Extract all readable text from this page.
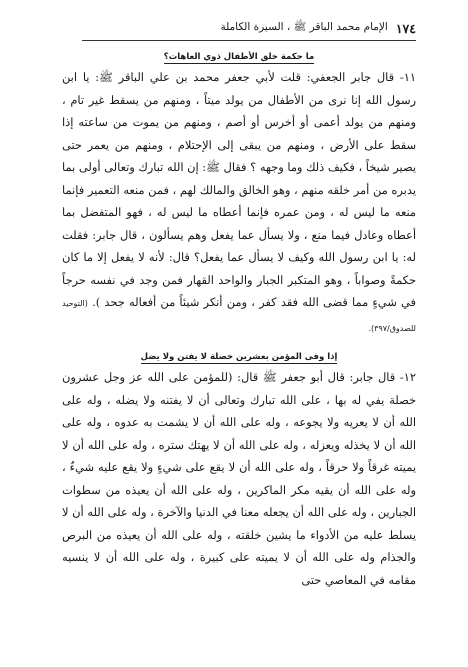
١٧٤
الإمام محمد الباقر ﷺ ، السيرة الكاملة
ما حكمة خلق الأطفال ذوي العاهات؟

١١- قال جابر الجعفي: قلت لأبي جعفر محمد بن علي الباقر ﷺ: يا ابن رسول الله إنا نرى من الأطفال من يولد ميتاً ، ومنهم من يسقط غير تام ، ومنهم من يولد أعمى أو أخرس أو أصم ، ومنهم من يموت من ساعته إذا سقط على الأرض ، ومنهم من يبقى إلى الإحتلام ، ومنهم من يعمر حتى يصير شيخاً ، فكيف ذلك وما وجهه ؟ فقال ﷺ: إن الله تبارك وتعالى أولى بما يدبره من أمر خلقه منهم ، وهو الخالق والمالك لهم ، فمن منعه التعمير فإنما منعه ما ليس له ، ومن عمره فإنما أعطاه ما ليس له ، فهو المتفضل بما أعطاه وعادل فيما منع ، ولا يسأل عما يفعل وهم يسألون ، قال جابر: فقلت له: يا ابن رسول الله وكيف لا يسأل عما يفعل؟ قال: لأنه لا يفعل إلا ما كان حكمةً وصواباً ، وهو المتكبر الجبار والواحد القهار فمن وجد في نفسه حرجاً في شيءٍ مما قضى الله فقد كفر ، ومن أنكر شيئاً من أفعاله جحد ). (التوحيد للصدوق/٣٩٧).

إذا وفى المؤمن بعشرين خصلة لا يفتن ولا يضل

١٢- قال جابر: قال أبو جعفر ﷺ قال: (للمؤمن على الله عز وجل عشرون خصلة يفي له بها ، على الله تبارك وتعالى أن لا يفتنه ولا يضله ، وله على الله أن لا يعريه ولا يجوعه ، وله على الله أن لا يشمت به عدوه ، وله على الله أن لا يخذله ويعزله ، وله على الله أن لا يهتك ستره ، وله على الله أن لا يميته غرقاً ولا حرقاً ، وله على الله أن لا يقع على شيءٍ ولا يقع عليه شيءٌ ، وله على الله أن يقيه مكر الماكرين ، وله على الله أن يعيذه من سطوات الجبارين ، وله على الله أن يجعله معنا في الدنيا والآخرة ، وله على الله أن لا يسلط عليه من الأدواء ما يشين خلقته ، وله على الله أن يعيذه من البرص والجذام وله على الله أن لا يميته على كبيرة ، وله على الله أن لا ينسيه مقامه في المعاصي حتى
